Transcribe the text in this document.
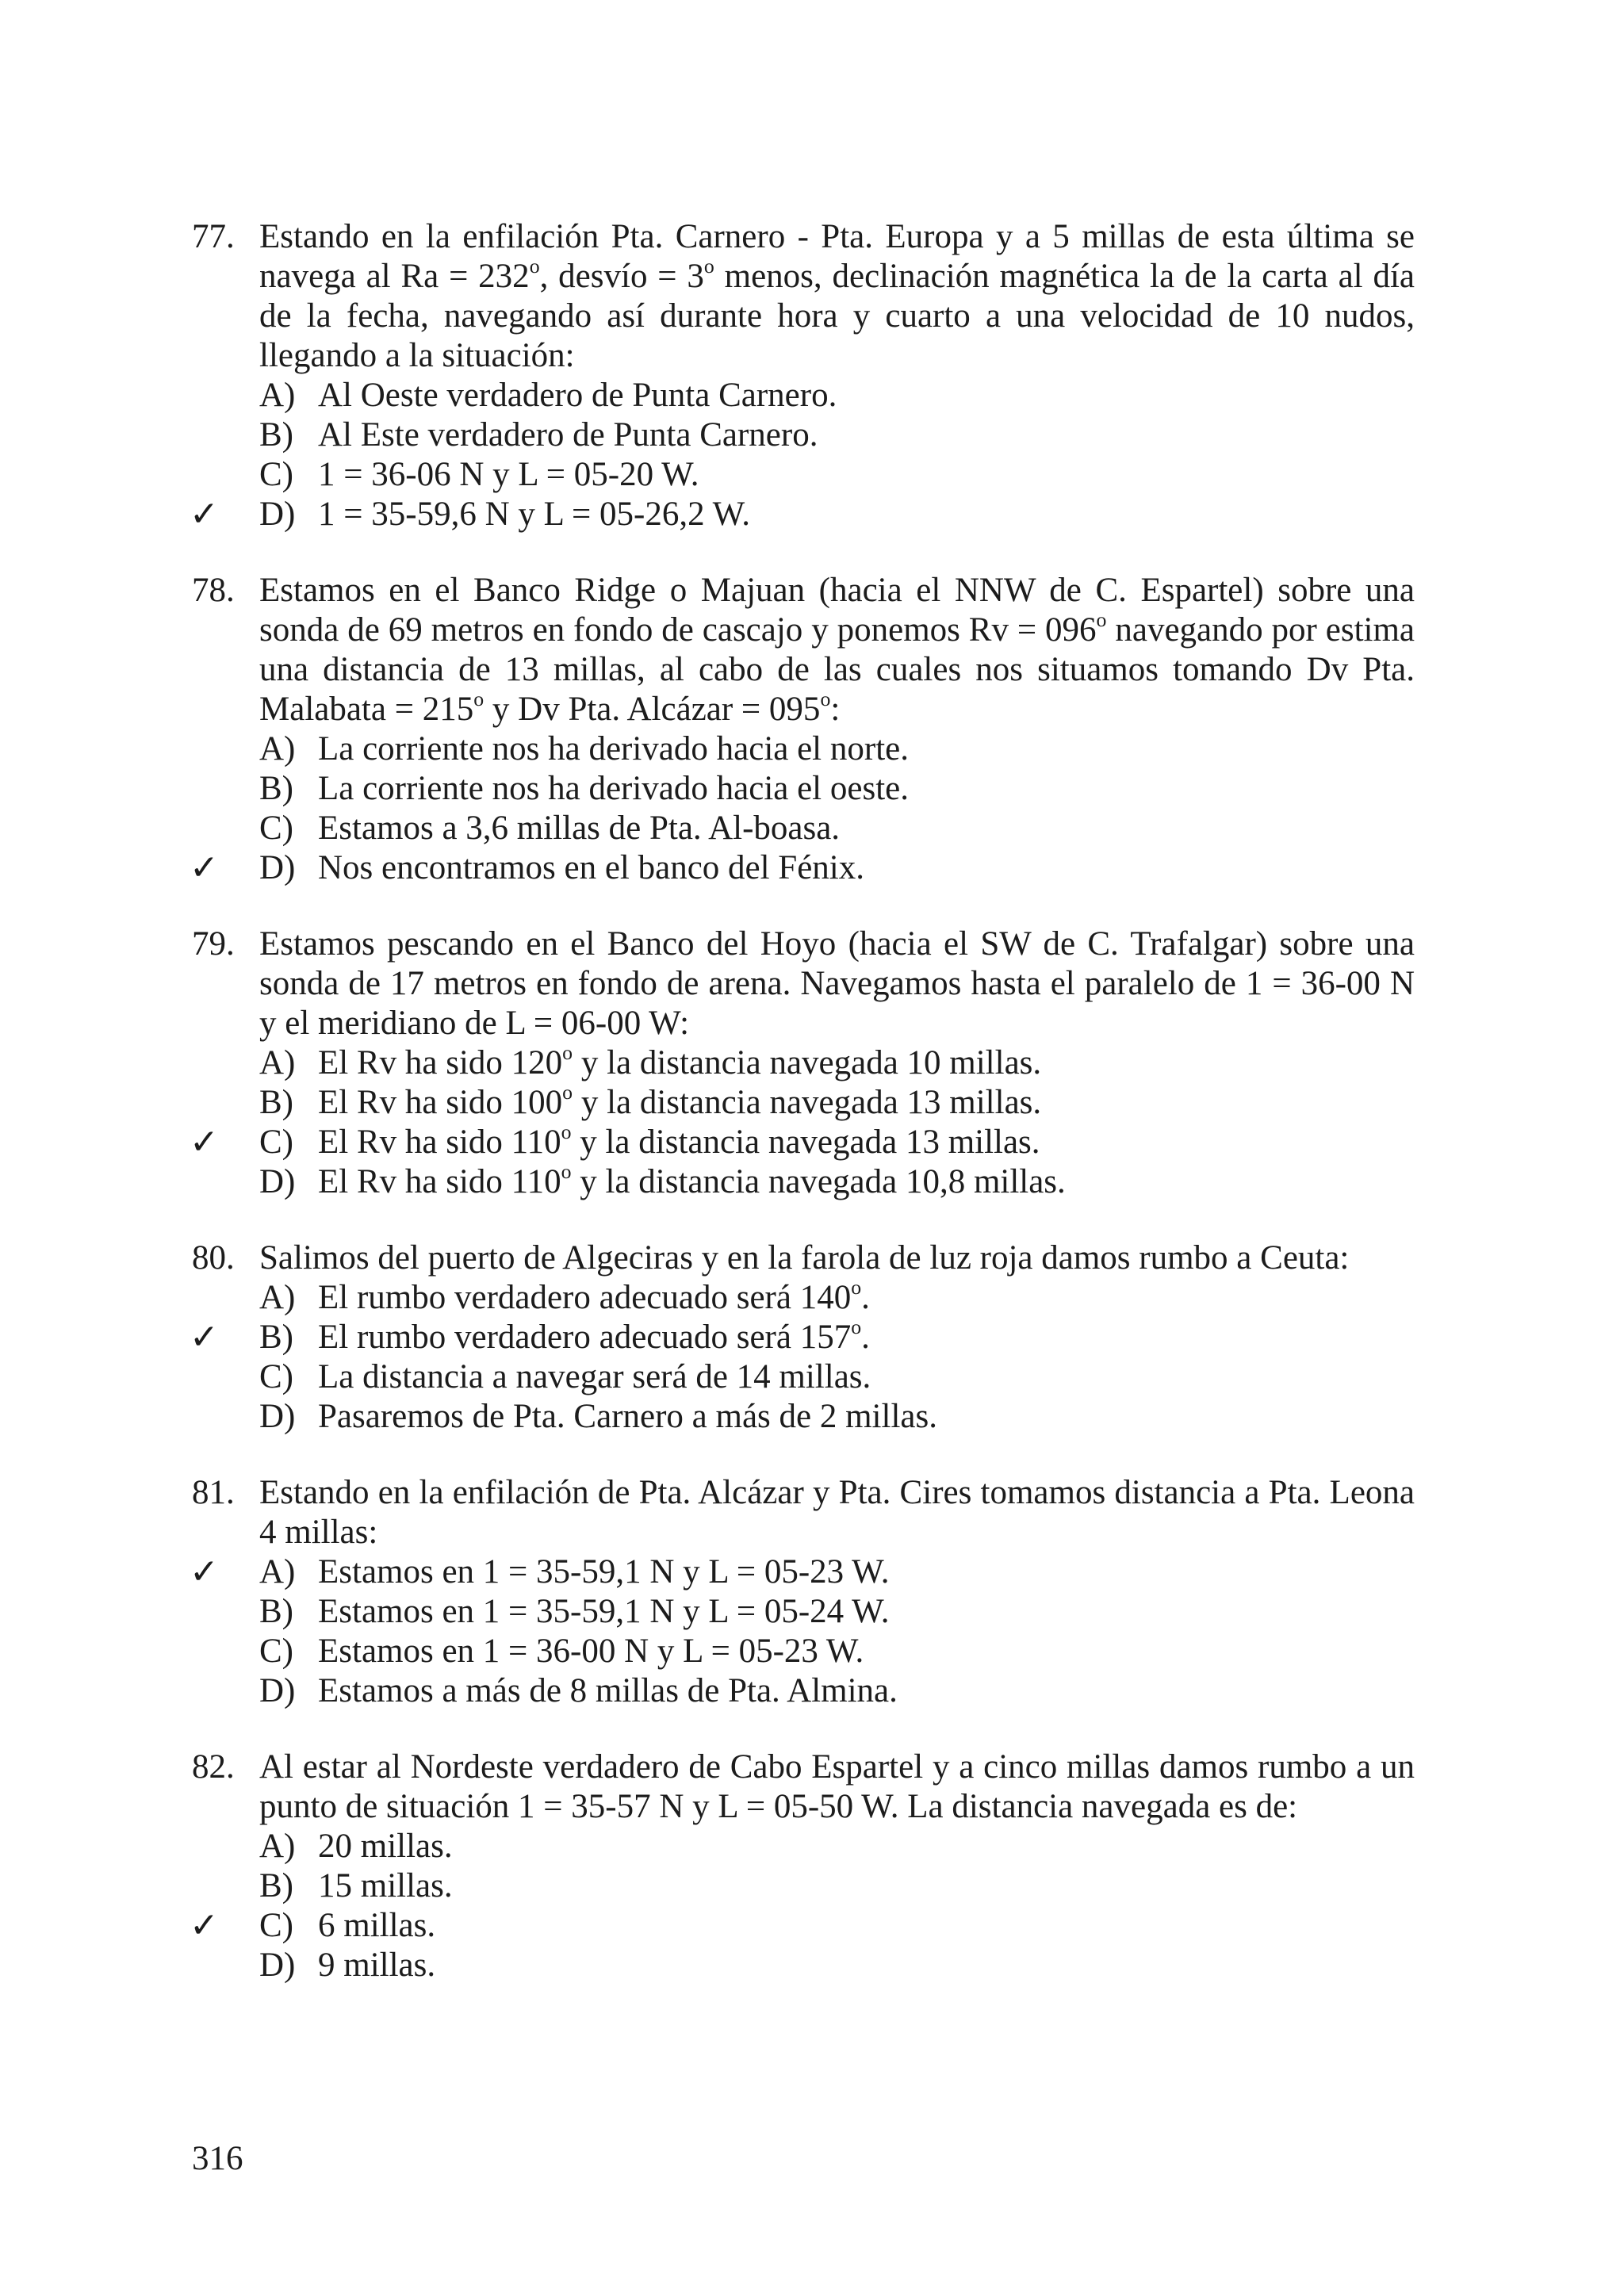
77. Estando en la enfilación Pta. Carnero - Pta. Europa y a 5 millas de esta última se navega al $Ra = 232^o$, desvío = $3^o$ menos, declinación magnética la de la carta al día de la fecha, navegando así durante hora y cuarto a una velocidad de 10 nudos, llegando a la situación:
A) Al Oeste verdadero de Punta Carnero.
B) Al Este verdadero de Punta Carnero.
C) 1 = 36-06 N y L = 05-20 W.
✓	D) 1 = 35-59,6 N y L = 05-26,2 W.
78. Estamos en el Banco Ridge o Majuan (hacia el NNW de C. Espartel) sobre una sonda de 69 metros en fondo de cascajo y ponemos $Rv = 096^o$ navegando por estima una distancia de 13 millas, al cabo de las cuales nos situamos tomando Dv Pta. Malabata = $215^o$ y Dv Pta. Alcázar = $095^o$:
A) La corriente nos ha derivado hacia el norte.
B) La corriente nos ha derivado hacia el oeste.
C) Estamos a 3,6 millas de Pta. Al-boasa.
✓	D) Nos encontramos en el banco del Fénix.
79. Estamos pescando en el Banco del Hoyo (hacia el SW de C. Trafalgar) sobre una sonda de 17 metros en fondo de arena. Navegamos hasta el paralelo de 1 = 36-00 N y el meridiano de L = 06-00 W:
A) El Rv ha sido 120$^o$ y la distancia navegada 10 millas.
B) El Rv ha sido 100$^o$ y la distancia navegada 13 millas.
✓	C) El Rv ha sido 110$^o$ y la distancia navegada 13 millas.
D) El Rv ha sido 110$^o$ y la distancia navegada 10,8 millas.
80. Salimos del puerto de Algeciras y en la farola de luz roja damos rumbo a Ceuta:
A) El rumbo verdadero adecuado será 140$^o$.
✓	B) El rumbo verdadero adecuado será 157$^o$.
C) La distancia a navegar será de 14 millas.
D) Pasaremos de Pta. Carnero a más de 2 millas.
81. Estando en la enfilación de Pta. Alcázar y Pta. Cires tomamos distancia a Pta. Leona 4 millas:
✓	A) Estamos en 1 = 35-59,1 N y L = 05-23 W.
B) Estamos en 1 = 35-59,1 N y L = 05-24 W.
C) Estamos en 1 = 36-00 N y L = 05-23 W.
D) Estamos a más de 8 millas de Pta. Almina.
82. Al estar al Nordeste verdadero de Cabo Espartel y a cinco millas damos rumbo a un punto de situación 1 = 35-57 N y L = 05-50 W. La distancia navegada es de:
A) 20 millas.
B) 15 millas.
✓	C) 6 millas.
D) 9 millas.
316
